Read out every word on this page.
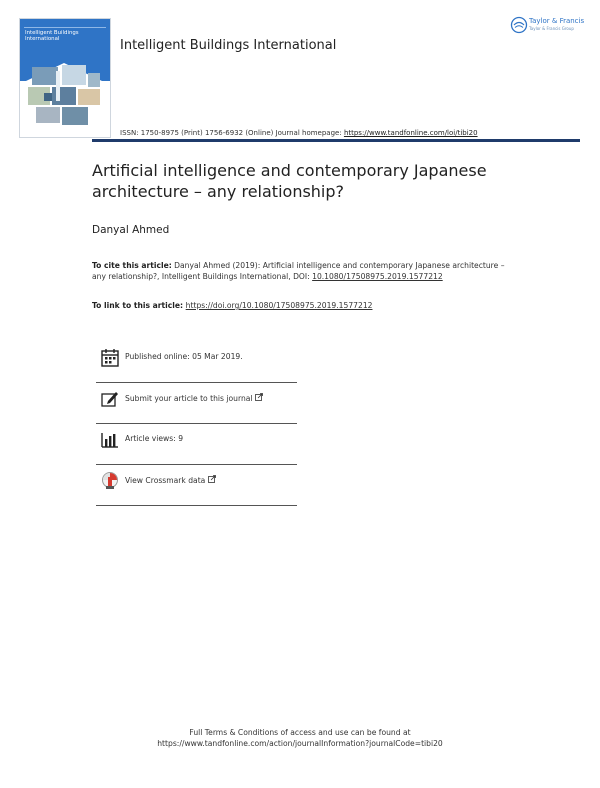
Intelligent Buildings International	Intelligent Buildings International
Taylor & Francis
Taylor & Francis Group
ISSN: 1750-8975 (Print) 1756-6932 (Online) Journal homepage: https://www.tandfonline.com/loi/tibi20
Artificial intelligence and contemporary Japanese architecture – any relationship?
Danyal Ahmed
To cite this article: Danyal Ahmed (2019): Artificial intelligence and contemporary Japanese architecture – any relationship?, Intelligent Buildings International, DOI: 10.1080/17508975.2019.1577212
To link to this article: https://doi.org/10.1080/17508975.2019.1577212
Published online: 05 Mar 2019.
Submit your article to this journal
Article views: 9
View Crossmark data
Full Terms & Conditions of access and use can be found at
https://www.tandfonline.com/action/journalInformation?journalCode=tibi20
